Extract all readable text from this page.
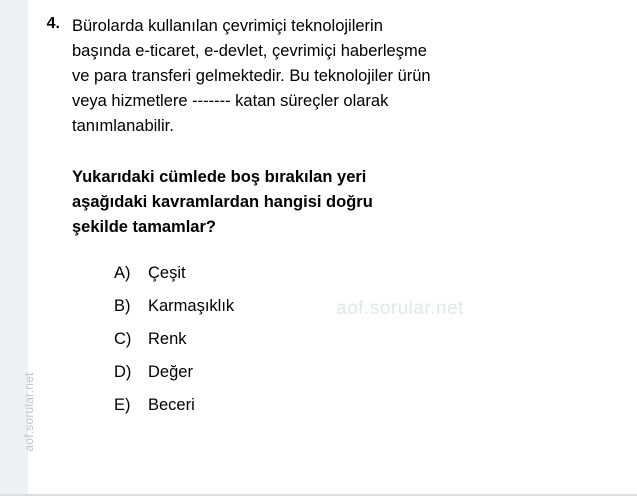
aof.sorular.net
4. Bürolarda kullanılan çevrimiçi teknolojilerin
başında e-ticaret, e-devlet, çevrimiçi haberleşme
ve para transferi gelmektedir. Bu teknolojiler ürün
veya hizmetlere ------- katan süreçler olarak
tanımlanabilir.
Yukarıdaki cümlede boş bırakılan yeri
aşağıdaki kavramlardan hangisi doğru
şekilde tamamlar?
A)	Çeşit
B)	Karmaşıklık
C)	Renk
D)	Değer
E)	Beceri
aof.sorular.net
